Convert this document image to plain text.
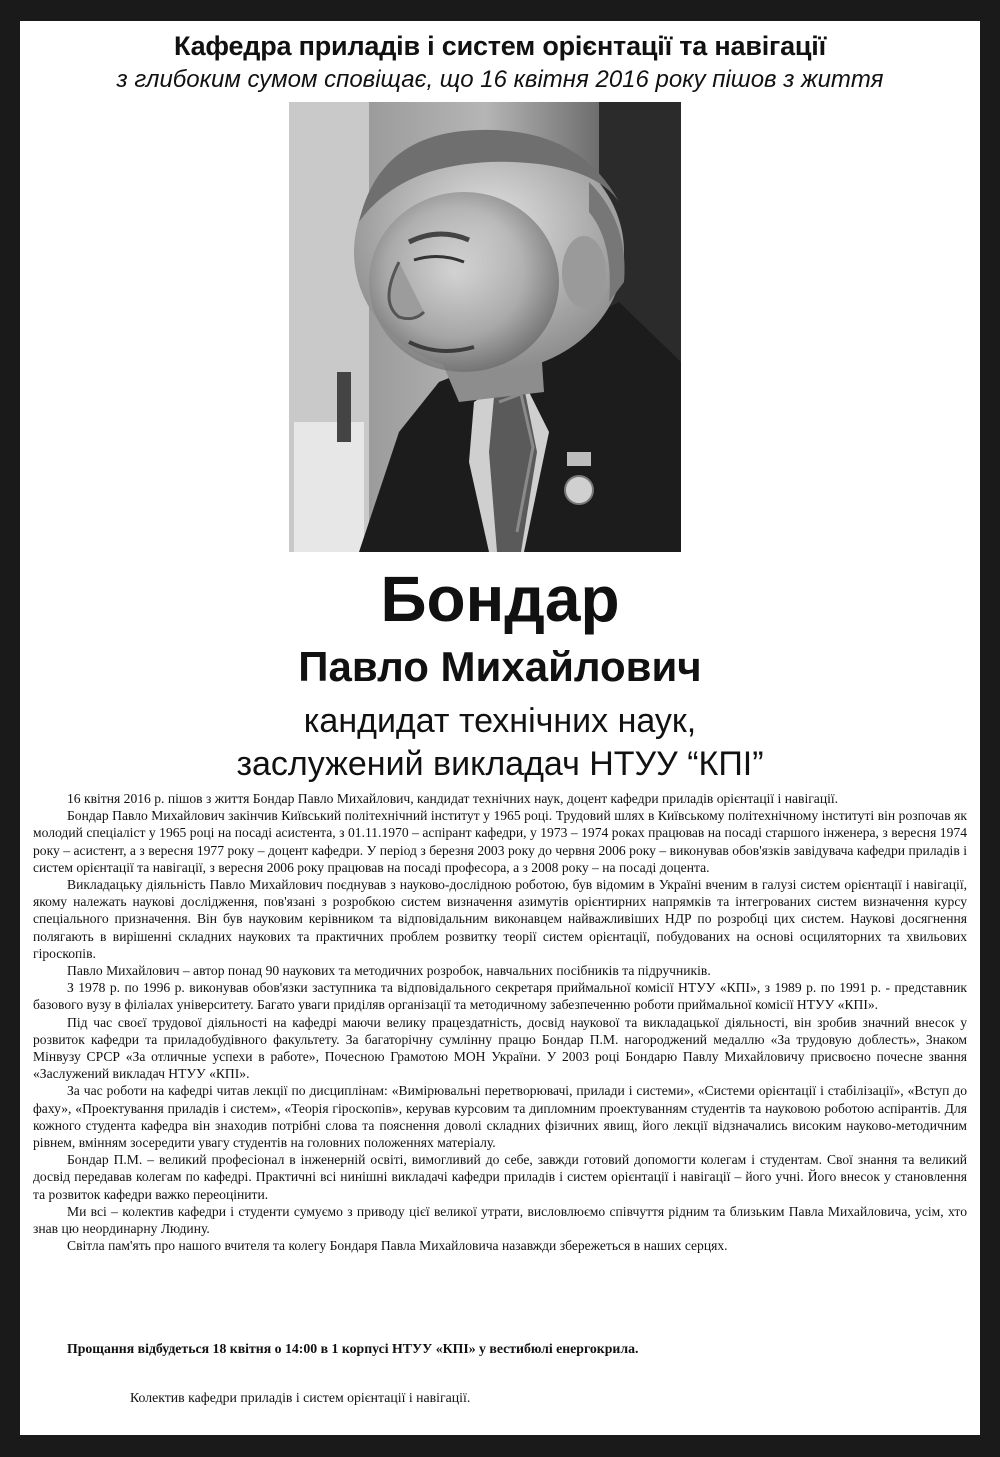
Кафедра приладів і систем орієнтації та навігації
з глибоким сумом сповіщає, що 16 квітня 2016 року пішов з життя
Бондар
Павло Михайлович
кандидат технічних наук,
заслужений викладач НТУУ “КПІ”

16 квітня 2016 р. пішов з життя Бондар Павло Михайлович, кандидат технічних наук, доцент кафедри приладів орієнтації і навігації.

Бондар Павло Михайлович закінчив Київський політехнічний інститут у 1965 році. Трудовий шлях в Київському політехнічному інституті він розпочав як молодий спеціаліст у 1965 році на посаді асистента, з 01.11.1970 – аспірант кафедри, у 1973 – 1974 роках працював на посаді старшого інженера, з вересня 1974 року – асистент, а з вересня 1977 року – доцент кафедри. У період з березня 2003 року до червня 2006 року – виконував обов'язків завідувача кафедри приладів і систем орієнтації та навігації, з вересня 2006 року працював на посаді професора, а з 2008 року – на посаді доцента.

Викладацьку діяльність Павло Михайлович поєднував з науково-дослідною роботою, був відомим в Україні вченим в галузі систем орієнтації і навігації, якому належать наукові дослідження, пов'язані з розробкою систем визначення азимутів орієнтирних напрямків та інтегрованих систем визначення курсу спеціального призначення. Він був науковим керівником та відповідальним виконавцем найважливіших НДР по розробці цих систем. Наукові досягнення полягають в вирішенні складних наукових та практичних проблем розвитку теорії систем орієнтації, побудованих на основі осциляторних та хвильових гіроскопів.

Павло Михайлович – автор понад 90 наукових та методичних розробок, навчальних посібників та підручників.

З 1978 р. по 1996 р. виконував обов'язки заступника та відповідального секретаря приймальної комісії НТУУ «КПІ», з 1989 р. по 1991 р. - представник базового вузу в філіалах університету. Багато уваги приділяв організації та методичному забезпеченню роботи приймальної комісії НТУУ «КПІ».

Під час своєї трудової діяльності на кафедрі маючи велику працездатність, досвід наукової та викладацької діяльності, він зробив значний внесок у розвиток кафедри та приладобудівного факультету. За багаторічну сумлінну працю Бондар П.М. нагороджений медаллю «За трудовую доблесть», Знаком Мінвузу СРСР «За отличные успехи в работе», Почесною Грамотою МОН України. У 2003 році Бондарю Павлу Михайловичу присвоєно почесне звання «Заслужений викладач НТУУ «КПІ».

За час роботи на кафедрі читав лекції по дисциплінам: «Вимірювальні перетворювачі, прилади і системи», «Системи орієнтації і стабілізації», «Вступ до фаху», «Проектування приладів і систем», «Теорія гіроскопів», керував курсовим та дипломним проектуванням студентів та науковою роботою аспірантів. Для кожного студента кафедра він знаходив потрібні слова та пояснення доволі складних фізичних явищ, його лекції відзначались високим науково-методичним рівнем, вмінням зосередити увагу студентів на головних положеннях матеріалу.

Бондар П.М. – великий професіонал в інженерній освіті, вимогливий до себе, завжди готовий допомогти колегам і студентам. Свої знання та великий досвід передавав колегам по кафедрі. Практичні всі нинішні викладачі кафедри приладів і систем орієнтації і навігації – його учні. Його внесок у становлення та розвиток кафедри важко переоцінити.

Ми всі – колектив кафедри і студенти сумуємо з приводу цієї великої утрати, висловлюємо співчуття рідним та близьким Павла Михайловича, усім, хто знав цю неординарну Людину.

Світла пам'ять про нашого вчителя та колегу Бондаря Павла Михайловича назавжди збережеться в наших серцях.

Прощання відбудеться 18 квітня о 14:00 в 1 корпусі НТУУ «КПІ» у вестибюлі енергокрила.
Колектив кафедри приладів і систем орієнтації і навігації.
